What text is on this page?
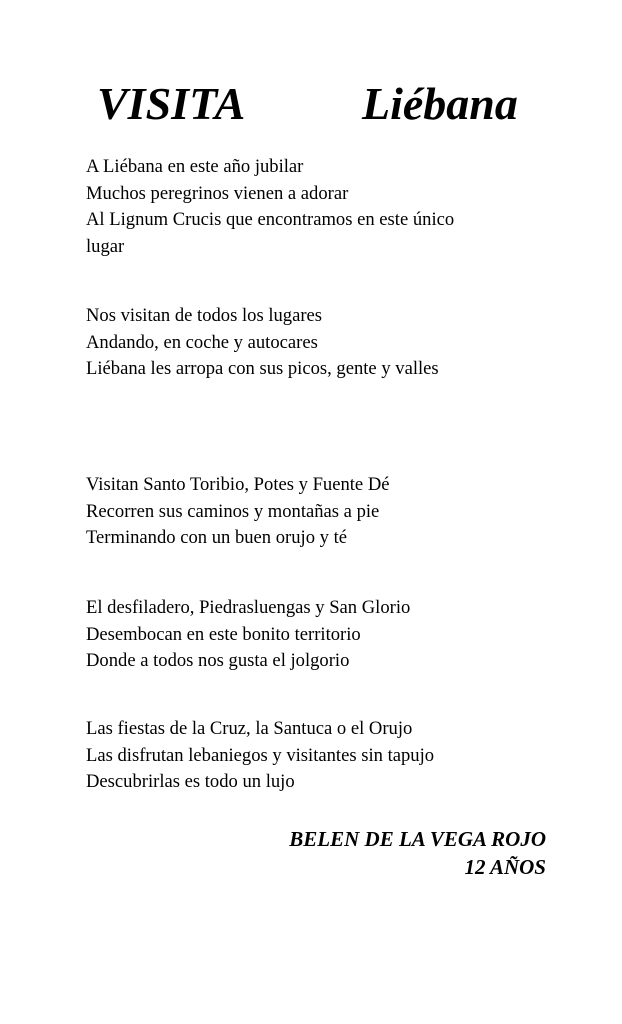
VISITA	Liébana
A Liébana en este año jubilar
Muchos peregrinos vienen a adorar
Al Lignum Crucis que encontramos en este único
lugar
Nos visitan de todos los lugares
Andando, en coche y autocares
Liébana les arropa con sus picos, gente y valles
Visitan Santo Toribio, Potes y Fuente Dé
Recorren sus caminos y montañas a pie
Terminando con un buen orujo y té
El desfiladero, Piedrasluengas y San Glorio
Desembocan en este bonito territorio
Donde a todos nos gusta el jolgorio
Las fiestas de la Cruz, la Santuca o el Orujo
Las disfrutan lebaniegos y visitantes sin tapujo
Descubrirlas es todo un lujo
BELEN DE LA VEGA ROJO
12 AÑOS
